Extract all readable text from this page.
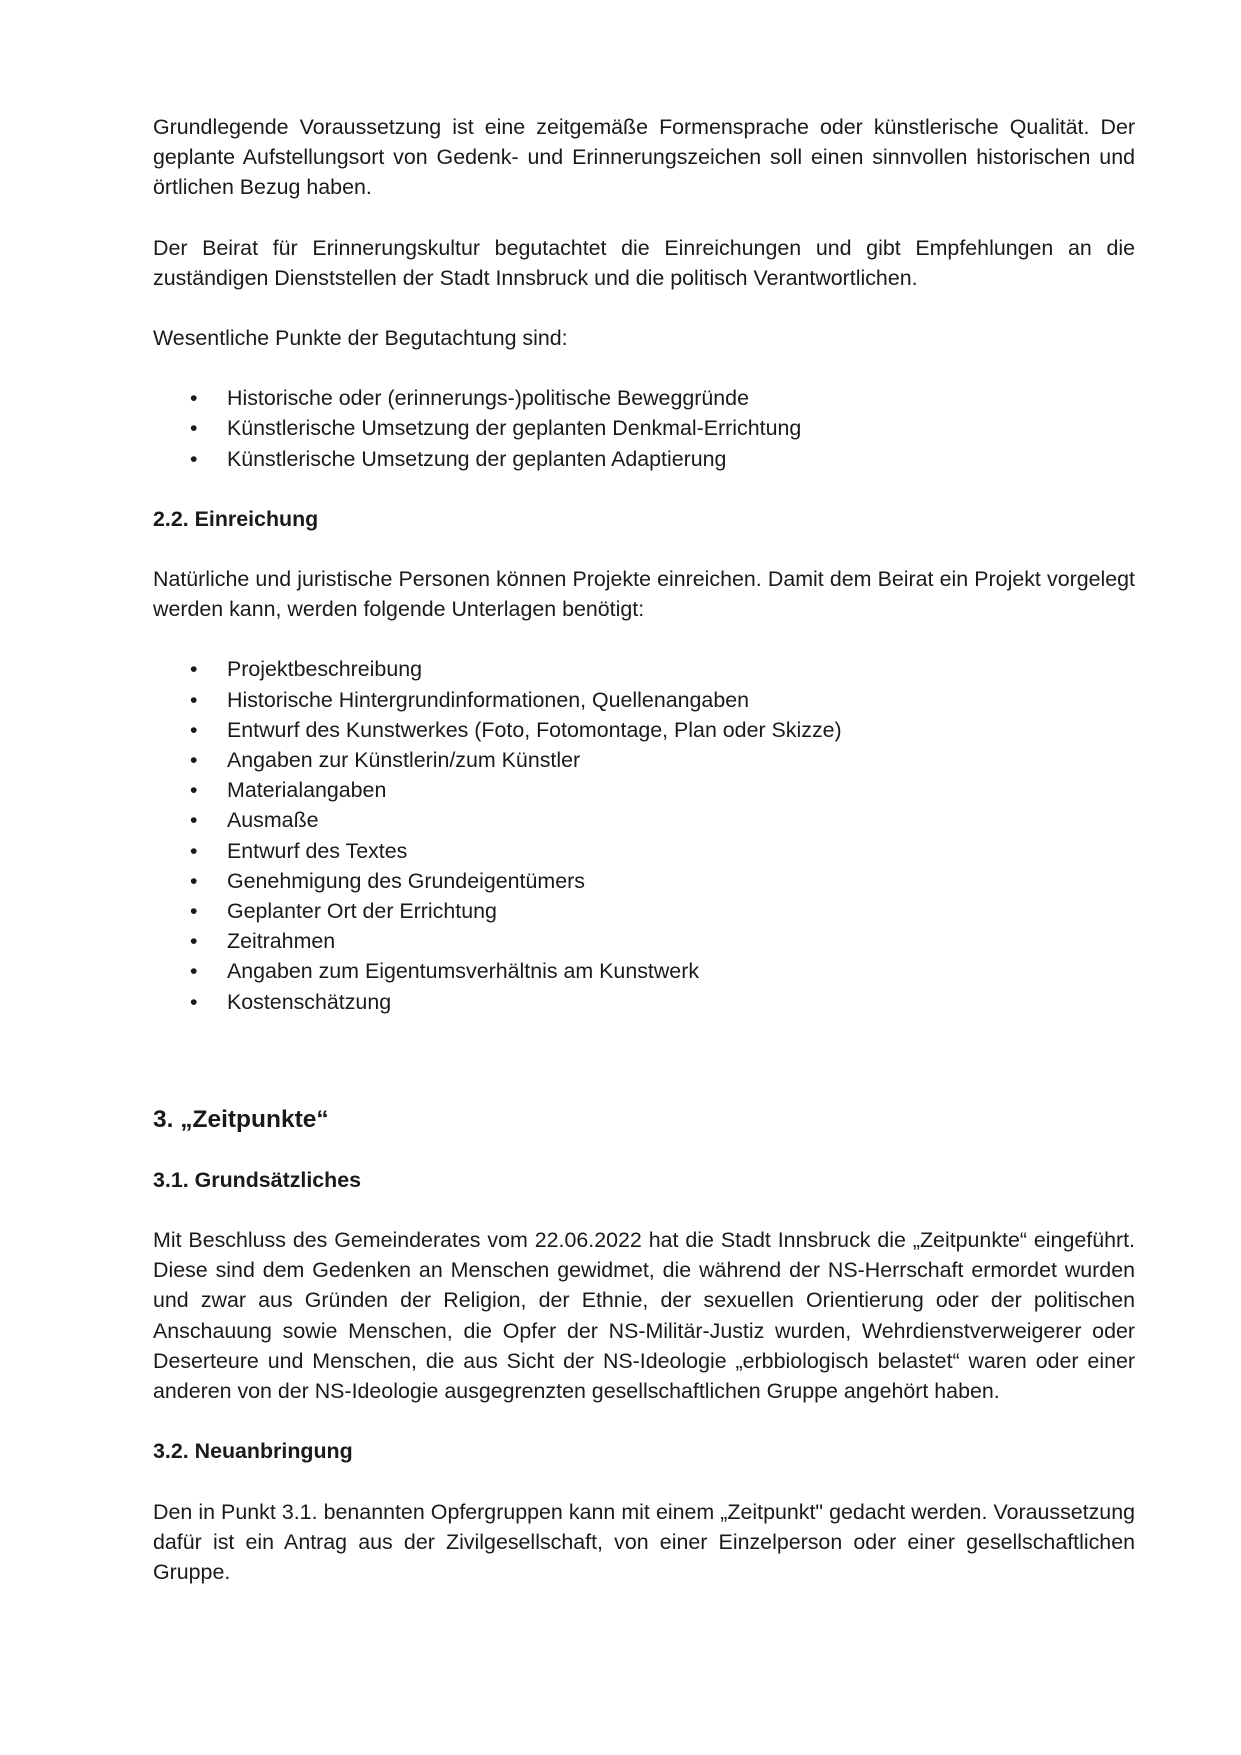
Grundlegende Voraussetzung ist eine zeitgemäße Formensprache oder künstlerische Qualität. Der geplante Aufstellungsort von Gedenk- und Erinnerungszeichen soll einen sinnvollen historischen und örtlichen Bezug haben.

Der Beirat für Erinnerungskultur begutachtet die Einreichungen und gibt Empfehlungen an die zuständigen Dienststellen der Stadt Innsbruck und die politisch Verantwortlichen.

Wesentliche Punkte der Begutachtung sind:

• Historische oder (erinnerungs-)politische Beweggründe
• Künstlerische Umsetzung der geplanten Denkmal-Errichtung
• Künstlerische Umsetzung der geplanten Adaptierung
2.2. Einreichung

Natürliche und juristische Personen können Projekte einreichen. Damit dem Beirat ein Projekt vorgelegt werden kann, werden folgende Unterlagen benötigt:

• Projektbeschreibung
• Historische Hintergrundinformationen, Quellenangaben
• Entwurf des Kunstwerkes (Foto, Fotomontage, Plan oder Skizze)
• Angaben zur Künstlerin/zum Künstler
• Materialangaben
• Ausmaße
• Entwurf des Textes
• Genehmigung des Grundeigentümers
• Geplanter Ort der Errichtung
• Zeitrahmen
• Angaben zum Eigentumsverhältnis am Kunstwerk
• Kostenschätzung
3. „Zeitpunkte“
3.1. Grundsätzliches

Mit Beschluss des Gemeinderates vom 22.06.2022 hat die Stadt Innsbruck die „Zeitpunkte“ eingeführt. Diese sind dem Gedenken an Menschen gewidmet, die während der NS-Herrschaft ermordet wurden und zwar aus Gründen der Religion, der Ethnie, der sexuellen Orientierung oder der politischen Anschauung sowie Menschen, die Opfer der NS-Militär-Justiz wurden, Wehrdienstverweigerer oder Deserteure und Menschen, die aus Sicht der NS-Ideologie „erbbiologisch belastet“ waren oder einer anderen von der NS-Ideologie ausgegrenzten gesellschaftlichen Gruppe angehört haben.

3.2. Neuanbringung

Den in Punkt 3.1. benannten Opfergruppen kann mit einem „Zeitpunkt" gedacht werden. Voraussetzung dafür ist ein Antrag aus der Zivilgesellschaft, von einer Einzelperson oder einer gesellschaftlichen Gruppe.
